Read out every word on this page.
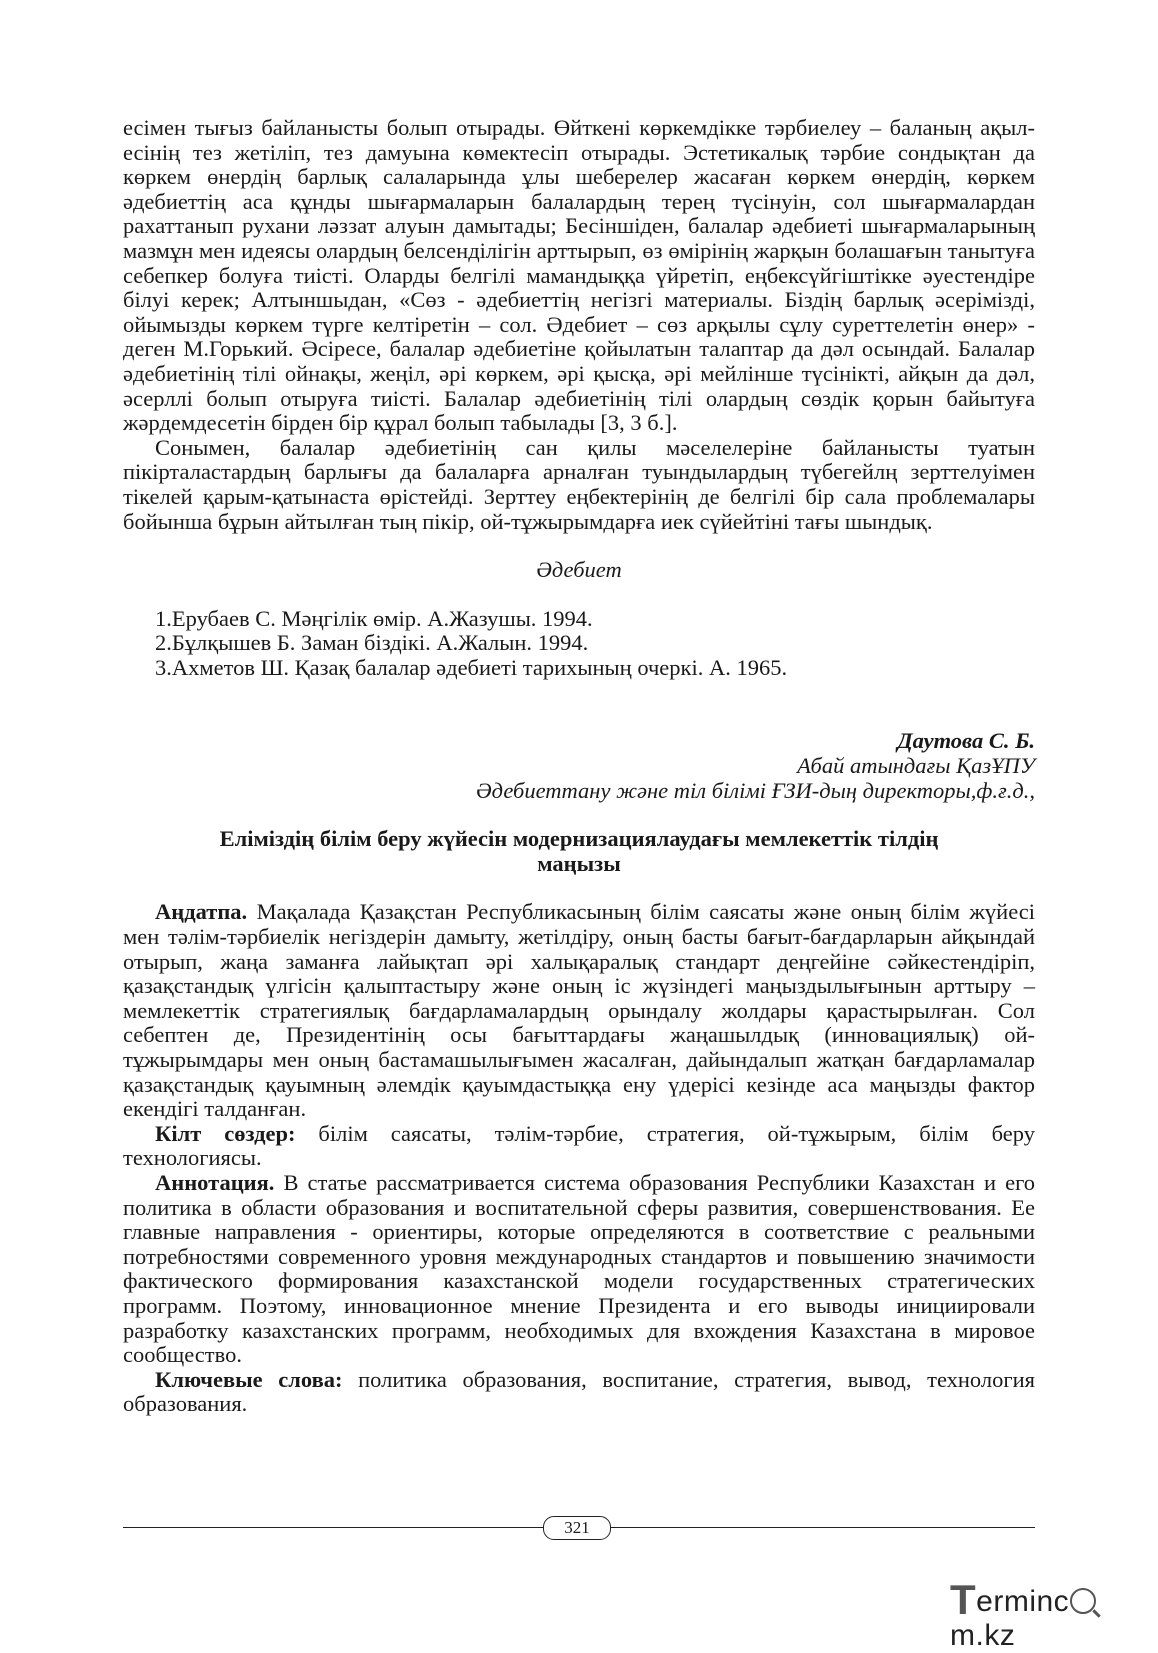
есімен тығыз байланысты болып отырады. Өйткені көркемдікке тәрбиелеу – баланың ақыл-есінің тез жетіліп, тез дамуына көмектесіп отырады. Эстетикалық тәрбие сондықтан да көркем өнердің барлық салаларында ұлы шеберелер жасаған көркем өнердің, көркем әдебиеттің аса құнды шығармаларын балалардың терең түсінуін, сол шығармалардан рахаттанып рухани ләззат алуын дамытады; Бесіншіден, балалар әдебиеті шығармаларының мазмұн мен идеясы олардың белсенділігін арттырып, өз өмірінің жарқын болашағын танытуға себепкер болуға тиісті. Оларды белгілі мамандыққа үйретіп, еңбексүйгіштікке әуестендіре білуі керек; Алтыншыдан, «Сөз - әдебиеттің негізгі материалы. Біздің барлық әсерімізді, ойымызды көркем түрге келтіретін – сол. Әдебиет – сөз арқылы сұлу суреттелетін өнер» - деген М.Горький. Әсіресе, балалар әдебиетіне қойылатын талаптар да дәл осындай. Балалар әдебиетінің тілі ойнақы, жеңіл, әрі көркем, әрі қысқа, әрі мейлінше түсінікті, айқын да дәл, әсерллі болып отыруға тиісті. Балалар әдебиетінің тілі олардың сөздік қорын байытуға жәрдемдесетін бірден бір құрал болып табылады [3, 3 б.].

Сонымен, балалар әдебиетінің сан қилы мәселелеріне байланысты туатын пікірталастардың барлығы да балаларға арналған туындылардың түбегейлң зерттелуімен тікелей қарым-қатынаста өрістейді. Зерттеу еңбектерінің де белгілі бір сала проблемалары бойынша бұрын айтылған тың пікір, ой-тұжырымдарға иек сүйейтіні тағы шындық.

Әдебиет
1.Ерубаев С. Мәңгілік өмір. А.Жазушы. 1994.
2.Бұлқышев Б. Заман біздікі. А.Жалын. 1994.
3.Ахметов Ш. Қазақ балалар әдебиеті тарихының очеркі. А. 1965.
Даутова С. Б.
Абай атындағы ҚазҰПУ
Әдебиеттану және тіл білімі ҒЗИ-дың директоры,ф.ғ.д.,
Еліміздің білім беру жүйесін модернизациялаудағы мемлекеттік тілдің маңызы

Аңдатпа. Мақалада Қазақстан Республикасының білім саясаты және оның білім жүйесі мен тәлім-тәрбиелік негіздерін дамыту, жетілдіру, оның басты бағыт-бағдарларын айқындай отырып, жаңа заманға лайықтап әрі халықаралық стандарт деңгейіне сәйкестендіріп, қазақстандық үлгісін қалыптастыру және оның іс жүзіндегі маңыздылығынын арттыру – мемлекеттік стратегиялық бағдарламалардың орындалу жолдары қарастырылған. Сол себептен де, Президентінің осы бағыттардағы жаңашылдық (инновациялық) ой-тұжырымдары мен оның бастамашылығымен жасалған, дайындалып жатқан бағдарламалар қазақстандық қауымның әлемдік қауымдастыққа ену үдерісі кезінде аса маңызды фактор екендігі талданған.

Кілт сөздер: білім саясаты, тәлім-тәрбие, стратегия, ой-тұжырым, білім беру технологиясы.

Аннотация. В статье рассматривается система образования Республики Казахстан и его политика в области образования и воспитательной сферы развития, совершенствования. Ее главные направления - ориентиры, которые определяются в соответствие с реальными потребностями современного уровня международных стандартов и повышению значимости фактического формирования казахстанской модели государственных стратегических программ. Поэтому, инновационное мнение Президента и его выводы инициировали разработку казахстанских программ, необходимых для вхождения Казахстана в мировое сообщество.

Ключевые слова: политика образования, воспитание, стратегия, вывод, технология образования.

321
Termincm.kz
